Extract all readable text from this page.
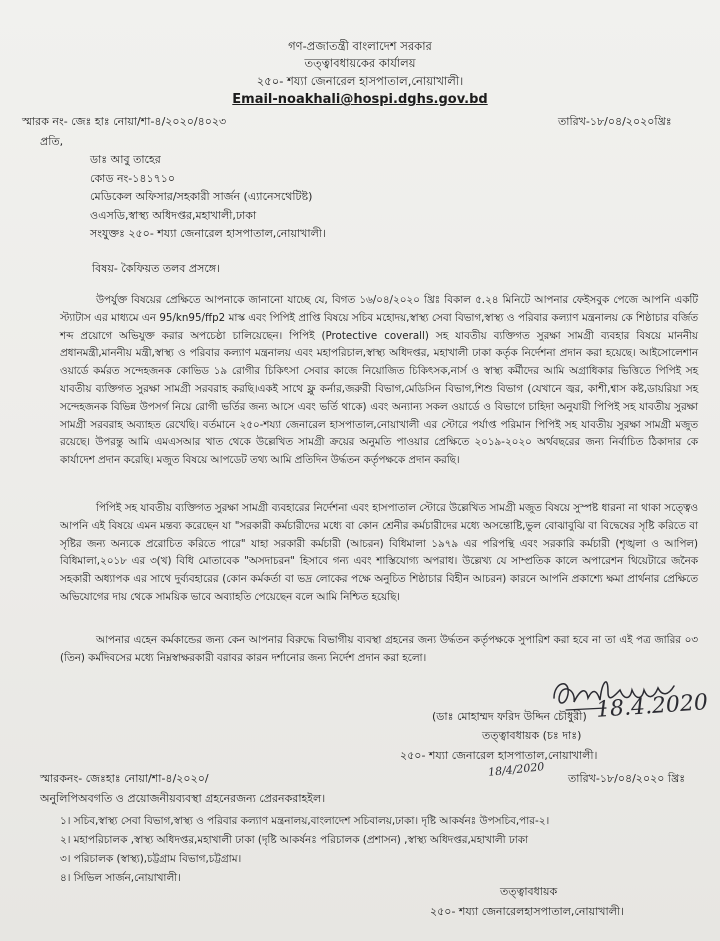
গণ-প্রজাতন্ত্রী বাংলাদেশ সরকার
তত্ত্বাবধায়কের কার্যালয়
২৫০- শয্যা জেনারেল হাসপাতাল,নোয়াখালী।
Email-noakhali@hospi.dghs.gov.bd
স্মারক নং- জেঃ হাঃ নোয়া/শা-৪/২০২০/৪০২৩	তারিখ-১৮/০৪/২০২০খ্রিঃ
প্রতি,
ডাঃ আবু তাহের
কোড নং-১৪১৭১০
মেডিকেল অফিসার/সহকারী সার্জন (এ্যানেসথেটিষ্ট)
ওএসডি,স্বাস্থ্য অধিদপ্তর,মহাখালী,ঢাকা
সংযুক্তঃ ২৫০- শয্যা জেনারেল হাসপাতাল,নোয়াখালী।
বিষয়- কৈফিয়ত তলব প্রসঙ্গে।

উপর্যুক্ত বিষয়ের প্রেক্ষিতে আপনাকে জানানো যাচ্ছে যে, বিগত ১৬/০৪/২০২০ খ্রিঃ বিকাল ৫.২৪ মিনিটে আপনার ফেইসবুক পেজে আপনি একটি স্ট্যাটাস এর মাধ্যমে এন 95/kn95/ffp2 মাস্ক এবং পিপিই প্রাপ্তি বিষয়ে সচিব মহোদয়,স্বাস্থ্য সেবা বিভাগ,স্বাস্থ্য ও পরিবার কল্যাণ মন্ত্রনালয় কে শিষ্ঠাচার বর্জিত শব্দ প্রয়োগে অভিযুক্ত করার অপচেষ্ঠা চালিয়েছেন। পিপিই (Protective coverall) সহ যাবতীয় ব্যক্তিগত সুরক্ষা সামগ্রী ব্যবহার বিষয়ে মাননীয় প্রধানমন্ত্রী,মাননীয় মন্ত্রী,স্বাস্থ্য ও পরিবার কল্যাণ মন্ত্রনালয় এবং মহাপরিচাল,স্বাস্থ্য অধিদপ্তর, মহাখালী ঢাকা কর্তৃক নির্দেশনা প্রদান করা হয়েছে। আইসোলেশান ওয়ার্ডে কর্মরত সন্দেহজনক কোভিড ১৯ রোগীর চিকিৎসা সেবার কাজে নিয়োজিত চিকিৎসক,নার্স ও স্বাস্থ্য কর্মীদের আমি অগ্রাধিকার ভিত্তিতে পিপিই সহ যাবতীয় ব্যক্তিগত সুরক্ষা সামগ্রী সরবরাহ করছি।একই সাথে ফ্লু কর্নার,জরুরী বিভাগ,মেডিসিন বিভাগ,শিশু বিভাগ (যেখানে জ্বর, কাশী,শ্বাস কষ্ট,ডায়রিয়া সহ সন্দেহজনক বিভিন্ন উপসর্গ নিয়ে রোগী ভর্তির জন্য আসে এবং ভর্তি থাকে) এবং অন্যান্য সকল ওয়ার্ডে ও বিভাগে চাহিদা অনুযায়ী পিপিই সহ যাবতীয় সুরক্ষা সামগ্রী সরবরাহ অব্যাহত রেখেছি। বর্তমানে ২৫০-শয্যা জেনারেল হাসপাতাল,নোয়াখালী এর স্টোরে পর্যাপ্ত পরিমান পিপিই সহ যাবতীয় সুরক্ষা সামগ্রী মজুত রয়েছে। উপরন্তু আমি এমএসআর খাত থেকে উল্লেখিত সামগ্রী ক্রয়ের অনুমতি পাওয়ার প্রেক্ষিতে ২০১৯-২০২০ অর্থবছরের জন্য নির্বাচিত ঠিকাদার কে কার্যাদেশ প্রদান করেছি। মজুত বিষয়ে আপডেট তথ্য আমি প্রতিদিন উর্দ্ধতন কর্তৃপক্ষকে প্রদান করছি।

পিপিই সহ যাবতীয় ব্যক্তিগত সুরক্ষা সামগ্রী ব্যবহারের নির্দেশনা এবং হাসপাতাল স্টোরে উল্লেখিত সামগ্রী মজুত বিষয়ে সুস্পষ্ট ধারনা না থাকা সত্ত্বেও আপনি এই বিষয়ে এমন মন্তব্য করেছেন যা "সরকারী কর্মচারীদের মধ্যে বা কোন শ্রেনীর কর্মচারীদের মধ্যে অসন্তোষ্টি,ভুল বোঝাবুঝি বা বিদ্বেষের সৃষ্টি করিতে বা সৃষ্টির জন্য অন্যকে প্ররোচিত করিতে পারে" যাহা সরকারী কর্মচারী (আচরন) বিধিমালা ১৯৭৯ এর পরিপন্থি এবং সরকারি কর্মচারী (শৃঙ্খলা ও আপিল) বিধিমালা,২০১৮ এর ৩(খ) বিধি মোতাবেক "অসদাচরন" হিসাবে গন্য এবং শাস্তিযোগ্য অপরাধ। উল্লেখ্য যে সাম্প্রতিক কালে অপারেশন থিয়েটারে জনৈক সহকারী অধ্যাপক এর সাথে দুর্ব্যবহারের (কোন কর্মকর্তা বা ভদ্র লোকের পক্ষে অনুচিত শিষ্ঠাচার বিহীন আচরন) কারনে আপনি প্রকাশ্যে ক্ষমা প্রার্থনার প্রেক্ষিতে অভিযোগের দায় থেকে সাময়িক ভাবে অব্যাহতি পেয়েছেন বলে আমি নিশ্চিত হয়েছি।

আপনার এহেন কর্মকান্ডের জন্য কেন আপনার বিরুদ্ধে বিভাগীয় ব্যবস্থা গ্রহনের জন্য উর্দ্ধতন কর্তৃপক্ষকে সুপারিশ করা হবে না তা এই পত্র জারির ০৩ (তিন) কর্মদিবসের মধ্যে নিম্নস্বাক্ষরকারী বরাবর কারন দর্শানোর জন্য নির্দেশ প্রদান করা হলো।

18.4.2020
(ডাঃ মোহাম্মদ ফরিদ উদ্দিন চৌধুরী)
তত্ত্বাবধায়ক (চঃ দাঃ)
২৫০- শয্যা জেনারেল হাসপাতাল,নোয়াখালী।
18/4/2020
স্মারকনং- জেঃহাঃ নোয়া/শা-৪/২০২০/	তারিখ-১৮/০৪/২০২০ খ্রিঃ
অনুলিপিঅবগতি ও প্রয়োজনীয়ব্যবস্থা গ্রহনেরজন্য প্রেরনকরাহইল।
১। সচিব,স্বাস্থ্য সেবা বিভাগ,স্বাস্থ্য ও পরিবার কল্যাণ মন্ত্রনালয়,বাংলাদেশ সচিবালয়,ঢাকা। দৃষ্টি আকর্ষনঃ উপসচিব,পার-২।
২। মহাপরিচালক ,স্বাস্থ্য অধিদপ্তর,মহাখালী ঢাকা (দৃষ্টি আকর্ষনঃ পরিচালক (প্রশাসন) ,স্বাস্থ্য অধিদপ্তর,মহাখালী ঢাকা
৩। পরিচালক (স্বাস্থ্য),চট্টগ্রাম বিভাগ,চট্টগ্রাম।
৪। সিভিল সার্জন,নোয়াখালী।
তত্ত্বাবধায়ক
২৫০- শয্যা জেনারেলহাসপাতাল,নোয়াখালী।
